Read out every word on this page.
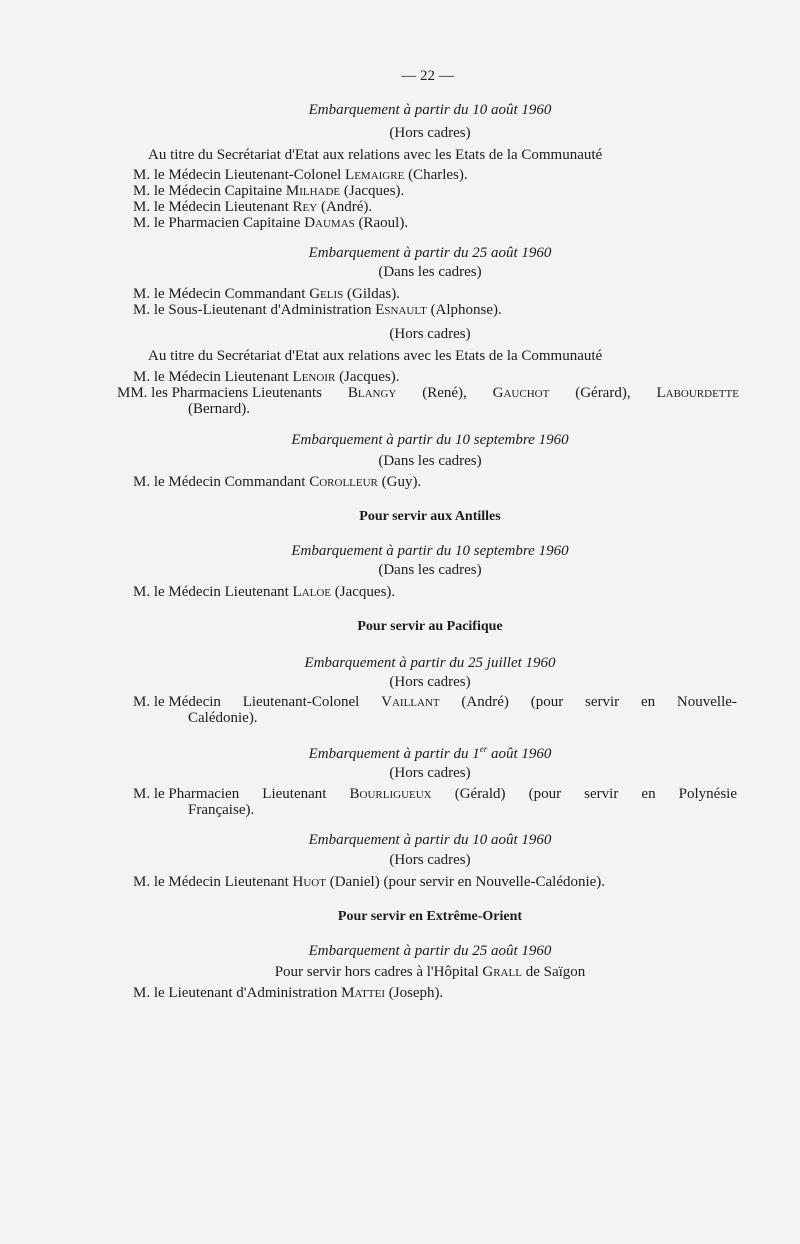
— 22 —
Embarquement à partir du 10 août 1960
(Hors cadres)
Au titre du Secrétariat d'Etat aux relations avec les Etats de la Communauté
M. le Médecin Lieutenant-Colonel Lemaigre (Charles).
M. le Médecin Capitaine Milhade (Jacques).
M. le Médecin Lieutenant Rey (André).
M. le Pharmacien Capitaine Daumas (Raoul).
Embarquement à partir du 25 août 1960
(Dans les cadres)
M. le Médecin Commandant Gelis (Gildas).
M. le Sous-Lieutenant d'Administration Esnault (Alphonse).
(Hors cadres)
Au titre du Secrétariat d'Etat aux relations avec les Etats de la Communauté
M. le Médecin Lieutenant Lenoir (Jacques).
MM. les Pharmaciens Lieutenants Blangy (René), Gauchot (Gérard), Labourdette
(Bernard).
Embarquement à partir du 10 septembre 1960
(Dans les cadres)
M. le Médecin Commandant Corolleur (Guy).
Pour servir aux Antilles
Embarquement à partir du 10 septembre 1960
(Dans les cadres)
M. le Médecin Lieutenant Laloe (Jacques).
Pour servir au Pacifique
Embarquement à partir du 25 juillet 1960
(Hors cadres)
M. le Médecin Lieutenant-Colonel Vaillant (André) (pour servir en Nouvelle-
Calédonie).
Embarquement à partir du 1er août 1960
(Hors cadres)
M. le Pharmacien Lieutenant Bourligueux (Gérald) (pour servir en Polynésie
Française).
Embarquement à partir du 10 août 1960
(Hors cadres)
M. le Médecin Lieutenant Huot (Daniel) (pour servir en Nouvelle-Calédonie).
Pour servir en Extrême-Orient
Embarquement à partir du 25 août 1960
Pour servir hors cadres à l'Hôpital Grall de Saïgon
M. le Lieutenant d'Administration Mattei (Joseph).
